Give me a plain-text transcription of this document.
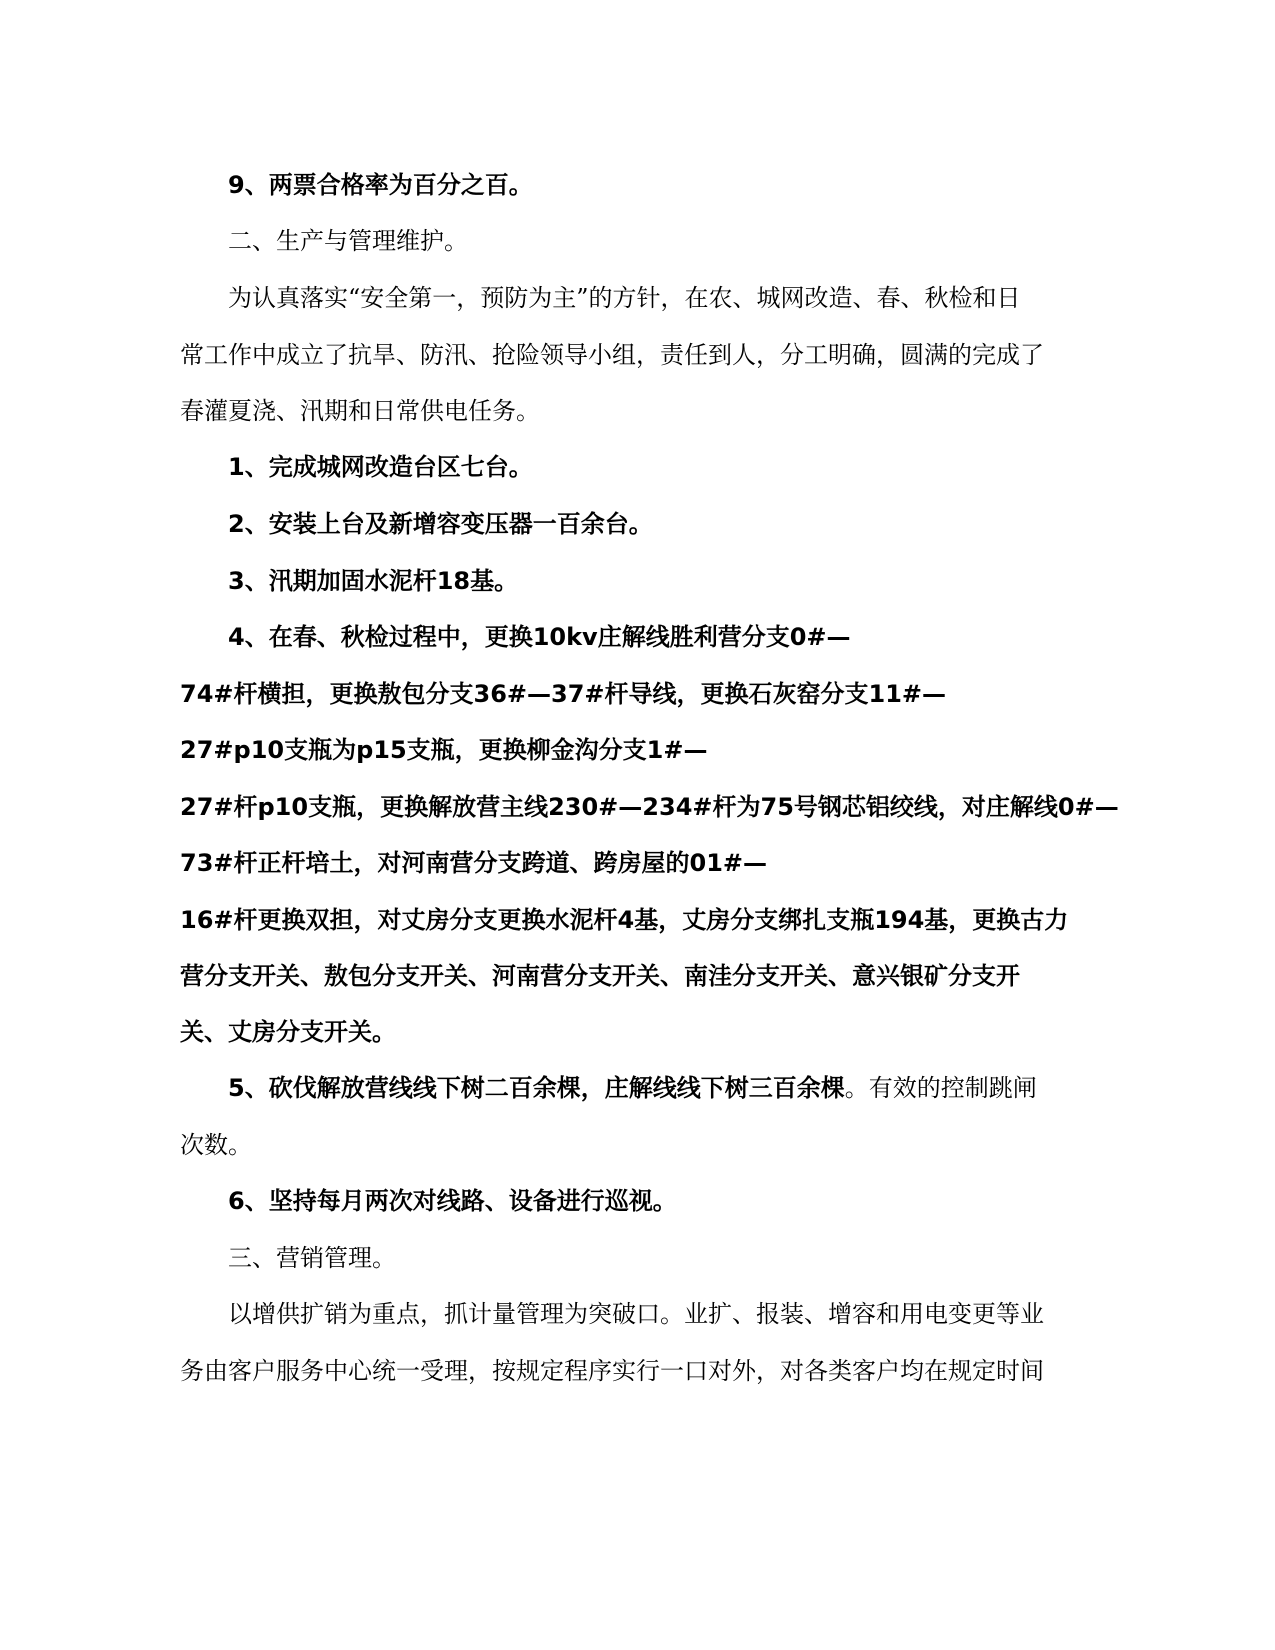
9、两票合格率为百分之百。
二、生产与管理维护。
为认真落实“安全第一，预防为主”的方针，在农、城网改造、春、秋检和日
常工作中成立了抗旱、防汛、抢险领导小组，责任到人，分工明确，圆满的完成了
春灌夏浇、汛期和日常供电任务。
1、完成城网改造台区七台。
2、安装上台及新增容变压器一百余台。
3、汛期加固水泥杆18基。
4、在春、秋检过程中，更换10kv庄解线胜利营分支0#—
74#杆横担，更换敖包分支36#—37#杆导线，更换石灰窑分支11#—
27#p10支瓶为p15支瓶，更换柳金沟分支1#—
27#杆p10支瓶，更换解放营主线230#—234#杆为75号钢芯铝绞线，对庄解线0#—
73#杆正杆培土，对河南营分支跨道、跨房屋的01#—
16#杆更换双担，对丈房分支更换水泥杆4基，丈房分支绑扎支瓶194基，更换古力
营分支开关、敖包分支开关、河南营分支开关、南洼分支开关、意兴银矿分支开
关、丈房分支开关。
5、砍伐解放营线线下树二百余棵，庄解线线下树三百余棵。有效的控制跳闸
次数。
6、坚持每月两次对线路、设备进行巡视。
三、营销管理。
以增供扩销为重点，抓计量管理为突破口。业扩、报装、增容和用电变更等业
务由客户服务中心统一受理，按规定程序实行一口对外，对各类客户均在规定时间
